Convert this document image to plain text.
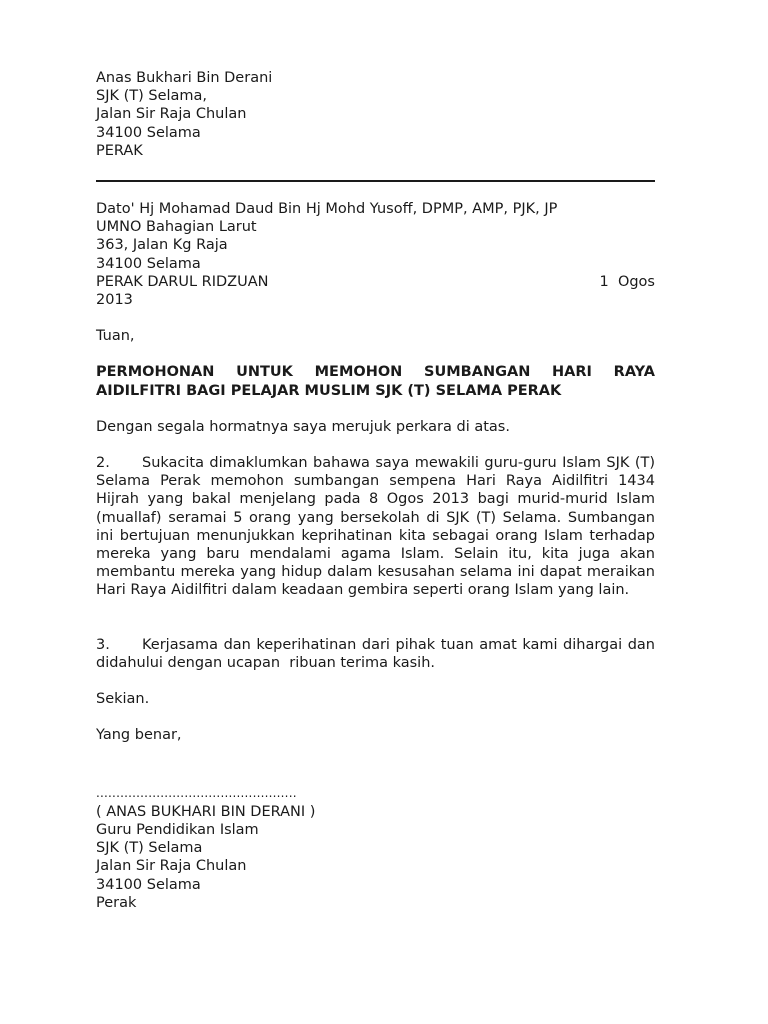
Anas Bukhari Bin Derani
SJK (T) Selama,
Jalan Sir Raja Chulan
34100 Selama
PERAK
Dato' Hj Mohamad Daud Bin Hj Mohd Yusoff, DPMP, AMP, PJK, JP
UMNO Bahagian Larut
363, Jalan Kg Raja
34100 Selama
PERAK DARUL RIDZUAN	1  Ogos
2013
Tuan,
PERMOHONAN UNTUK MEMOHON SUMBANGAN HARI RAYA AIDILFITRI BAGI PELAJAR MUSLIM SJK (T) SELAMA PERAK
Dengan segala hormatnya saya merujuk perkara di atas.
2. Sukacita dimaklumkan bahawa saya mewakili guru-guru Islam SJK (T) Selama Perak memohon sumbangan sempena Hari Raya Aidilfitri 1434 Hijrah yang bakal menjelang pada 8 Ogos 2013 bagi murid-murid Islam (muallaf) seramai 5 orang yang bersekolah di SJK (T) Selama. Sumbangan ini bertujuan menunjukkan keprihatinan kita sebagai orang Islam terhadap mereka yang baru mendalami agama Islam. Selain itu, kita juga akan membantu mereka yang hidup dalam kesusahan selama ini dapat meraikan Hari Raya Aidilfitri dalam keadaan gembira seperti orang Islam yang lain.
3. Kerjasama dan keperihatinan dari pihak tuan amat kami dihargai dan didahului dengan ucapan  ribuan terima kasih.
Sekian.
Yang benar,
..................................................
( ANAS BUKHARI BIN DERANI )
Guru Pendidikan Islam
SJK (T) Selama
Jalan Sir Raja Chulan
34100 Selama
Perak
